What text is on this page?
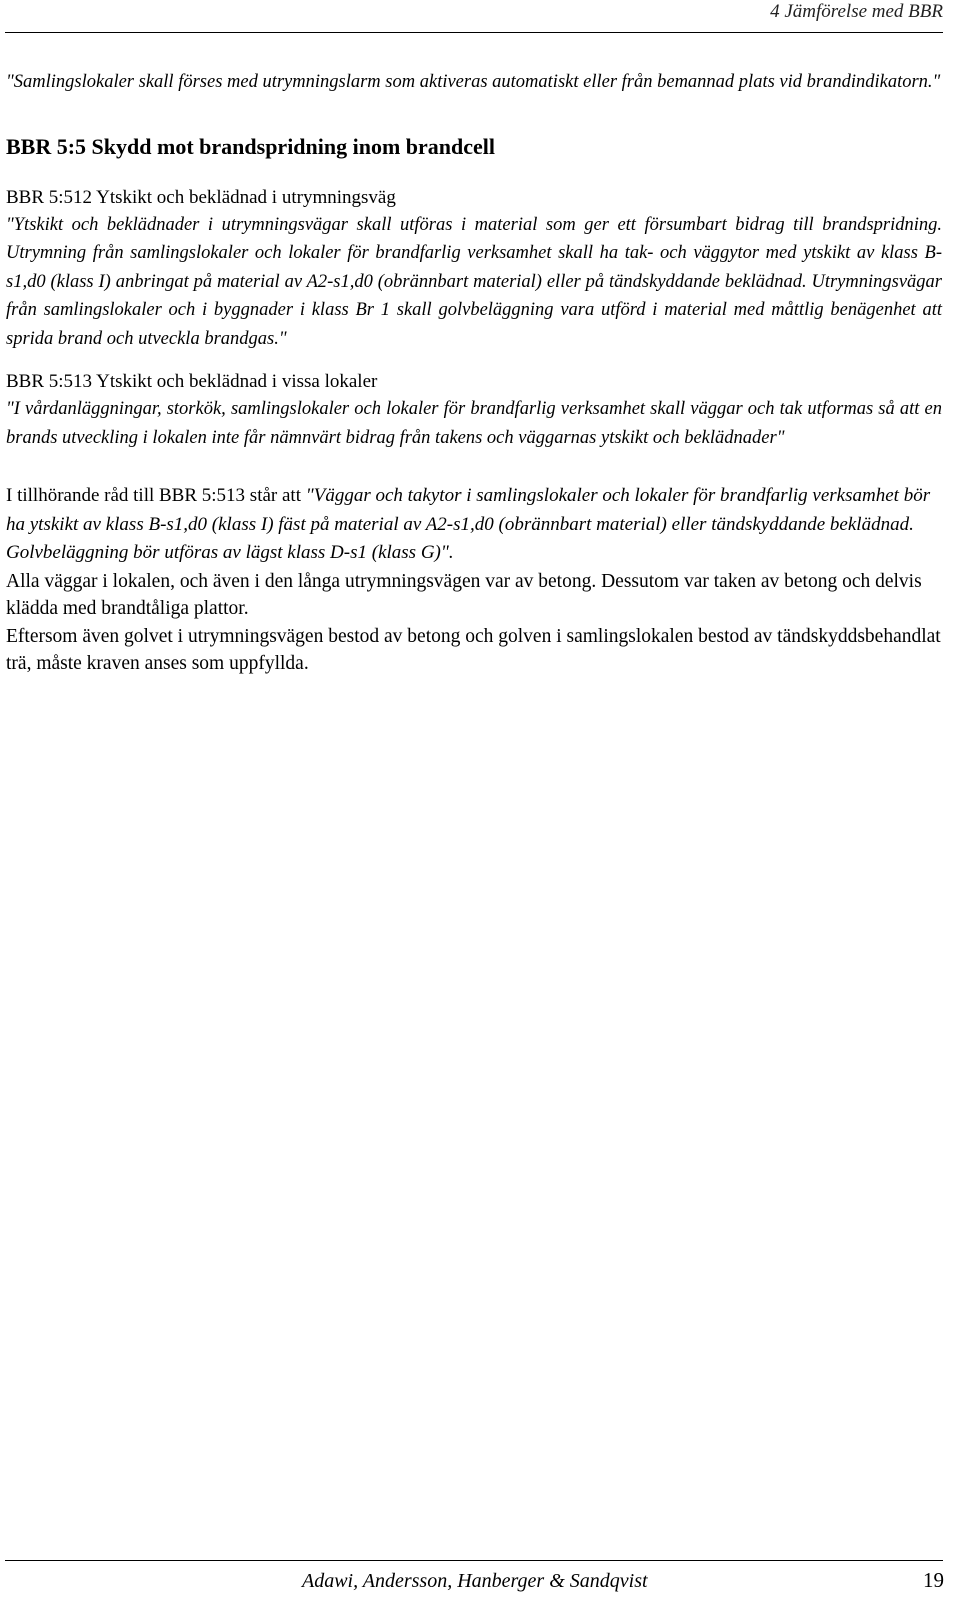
4 Jämförelse med BBR

"Samlingslokaler skall förses med utrymningslarm som aktiveras automatiskt eller från bemannad plats vid brandindikatorn."

BBR 5:5 Skydd mot brandspridning inom brandcell

BBR 5:512 Ytskikt och beklädnad i utrymningsväg

"Ytskikt och beklädnader i utrymningsvägar skall utföras i material som ger ett försumbart bidrag till brandspridning. Utrymning från samlingslokaler och lokaler för brandfarlig verksamhet skall ha tak- och väggytor med ytskikt av klass B-s1,d0 (klass I) anbringat på material av A2-s1,d0 (obrännbart material) eller på tändskyddande beklädnad. Utrymningsvägar från samlingslokaler och i byggnader i klass Br 1 skall golvbeläggning vara utförd i material med måttlig benägenhet att sprida brand och utveckla brandgas."

BBR 5:513 Ytskikt och beklädnad i vissa lokaler

"I vårdanläggningar, storkök, samlingslokaler och lokaler för brandfarlig verksamhet skall väggar och tak utformas så att en brands utveckling i lokalen inte får nämnvärt bidrag från takens och väggarnas ytskikt och beklädnader"

I tillhörande råd till BBR 5:513 står att "Väggar och takytor i samlingslokaler och lokaler för brandfarlig verksamhet bör ha ytskikt av klass B-s1,d0 (klass I) fäst på material av A2-s1,d0 (obrännbart material) eller tändskyddande beklädnad. Golvbeläggning bör utföras av lägst klass D-s1 (klass G)".

Alla väggar i lokalen, och även i den långa utrymningsvägen var av betong. Dessutom var taken av betong och delvis klädda med brandtåliga plattor.

Eftersom även golvet i utrymningsvägen bestod av betong och golven i samlingslokalen bestod av tändskyddsbehandlat trä, måste kraven anses som uppfyllda.

Adawi, Andersson, Hanberger & Sandqvist	19
